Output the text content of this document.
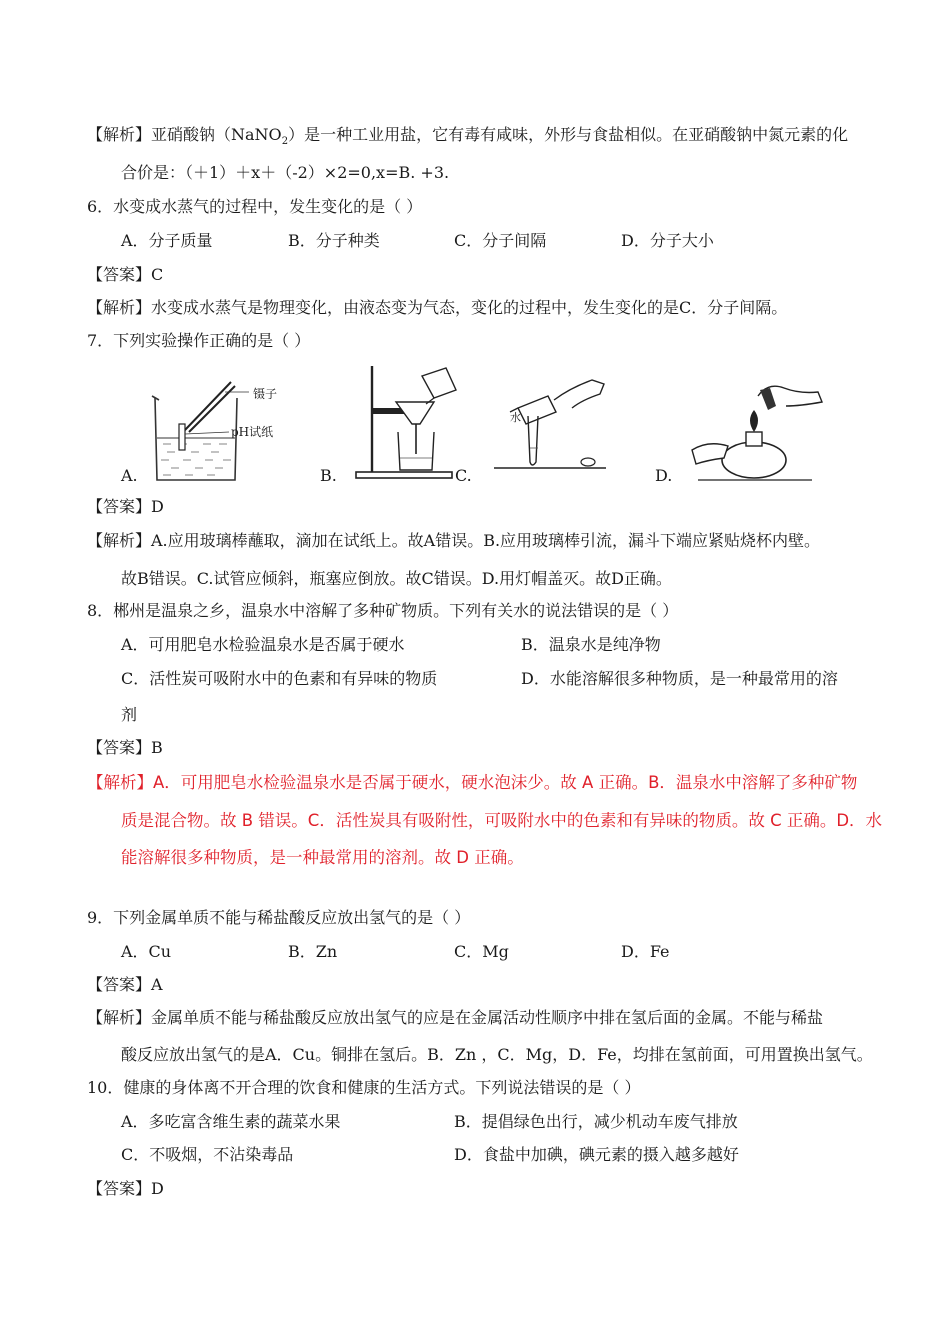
【解析】亚硝酸钠（NaNO$_2$）是一种工业用盐，它有毒有咸味，外形与食盐相似。在亚硝酸钠中氮元素的化
合价是：（＋1）＋x＋（-2）×2=0,x=B. +3.
6．水变成水蒸气的过程中，发生变化的是（ ）
A．分子质量	B．分子种类	C．分子间隔	D．分子大小
【答案】C
【解析】水变成水蒸气是物理变化，由液态变为气态，变化的过程中，发生变化的是C．分子间隔。
7．下列实验操作正确的是（ ）
镊子
pH试纸
A.	B.
水
C.	D.
【答案】D
【解析】A.应用玻璃棒蘸取，滴加在试纸上。故A错误。B.应用玻璃棒引流，漏斗下端应紧贴烧杯内壁。
故B错误。C.试管应倾斜，瓶塞应倒放。故C错误。D.用灯帽盖灭。故D正确。
8．郴州是温泉之乡，温泉水中溶解了多种矿物质。下列有关水的说法错误的是（ ）
A．可用肥皂水检验温泉水是否属于硬水	B．温泉水是纯净物
C．活性炭可吸附水中的色素和有异味的物质	D．水能溶解很多种物质，是一种最常用的溶
剂
【答案】B
【解析】A．可用肥皂水检验温泉水是否属于硬水，硬水泡沫少。故 A 正确。B．温泉水中溶解了多种矿物
质是混合物。故 B 错误。C．活性炭具有吸附性，可吸附水中的色素和有异味的物质。故 C 正确。D．水
能溶解很多种物质，是一种最常用的溶剂。故 D 正确。
9．下列金属单质不能与稀盐酸反应放出氢气的是（ ）
A．Cu	B．Zn	C．Mg	D．Fe
【答案】A
【解析】金属单质不能与稀盐酸反应放出氢气的应是在金属活动性顺序中排在氢后面的金属。不能与稀盐
酸反应放出氢气的是A．Cu。铜排在氢后。B．Zn ，C．Mg，D．Fe，均排在氢前面，可用置换出氢气。
10．健康的身体离不开合理的饮食和健康的生活方式。下列说法错误的是（ ）
A．多吃富含维生素的蔬菜水果	B．提倡绿色出行，减少机动车废气排放
C．不吸烟，不沾染毒品	D．食盐中加碘，碘元素的摄入越多越好
【答案】D
